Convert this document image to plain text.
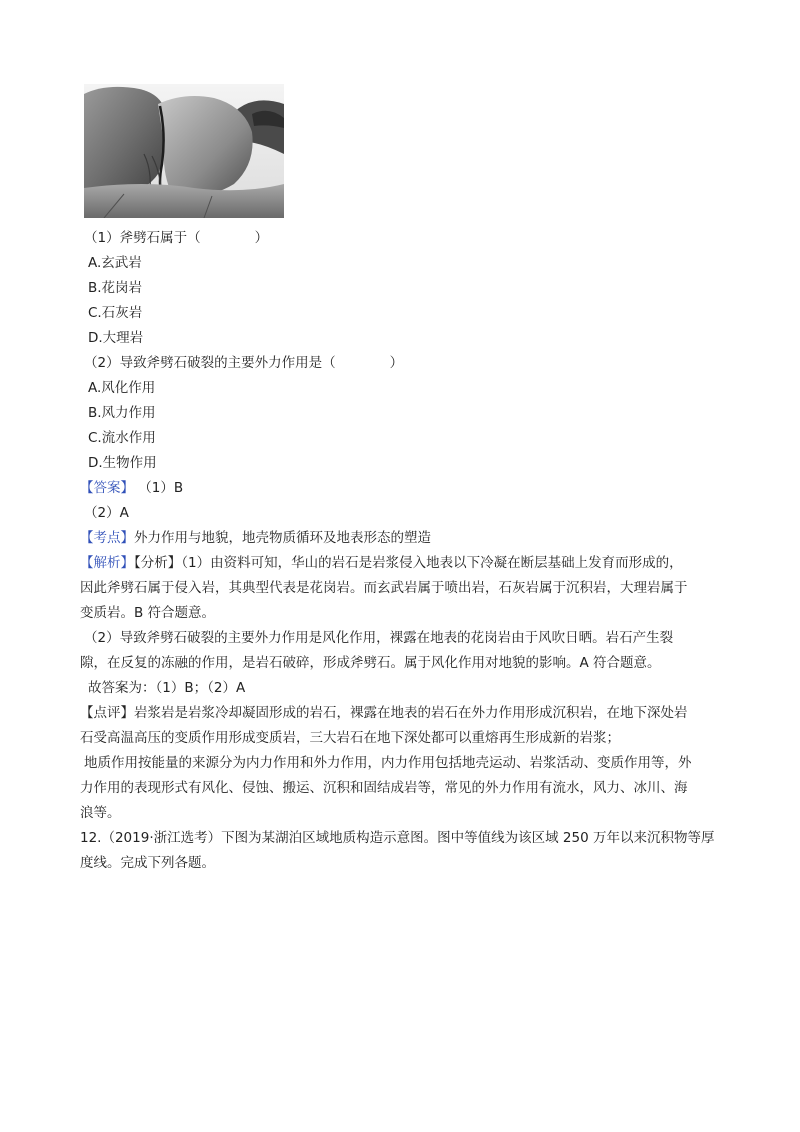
（1）斧劈石属于（　　　　）
A.玄武岩
B.花岗岩
C.石灰岩
D.大理岩
（2）导致斧劈石破裂的主要外力作用是（　　　　）
A.风化作用
B.风力作用
C.流水作用
D.生物作用
【答案】 （1）B
（2）A
【考点】外力作用与地貌，地壳物质循环及地表形态的塑造
【解析】【分析】（1）由资料可知，华山的岩石是岩浆侵入地表以下冷凝在断层基础上发育而形成的，
因此斧劈石属于侵入岩，其典型代表是花岗岩。而玄武岩属于喷出岩，石灰岩属于沉积岩，大理岩属于
变质岩。B 符合题意。
（2）导致斧劈石破裂的主要外力作用是风化作用，裸露在地表的花岗岩由于风吹日晒。岩石产生裂
隙，在反复的冻融的作用，是岩石破碎，形成斧劈石。属于风化作用对地貌的影响。A 符合题意。
故答案为：（1）B；（2）A
【点评】岩浆岩是岩浆冷却凝固形成的岩石，裸露在地表的岩石在外力作用形成沉积岩，在地下深处岩
石受高温高压的变质作用形成变质岩，三大岩石在地下深处都可以重熔再生形成新的岩浆；
地质作用按能量的来源分为内力作用和外力作用，内力作用包括地壳运动、岩浆活动、变质作用等，外
力作用的表现形式有风化、侵蚀、搬运、沉积和固结成岩等，常见的外力作用有流水，风力、冰川、海
浪等。
12.（2019·浙江选考）下图为某湖泊区域地质构造示意图。图中等值线为该区域 250 万年以来沉积物等厚
度线。完成下列各题。
